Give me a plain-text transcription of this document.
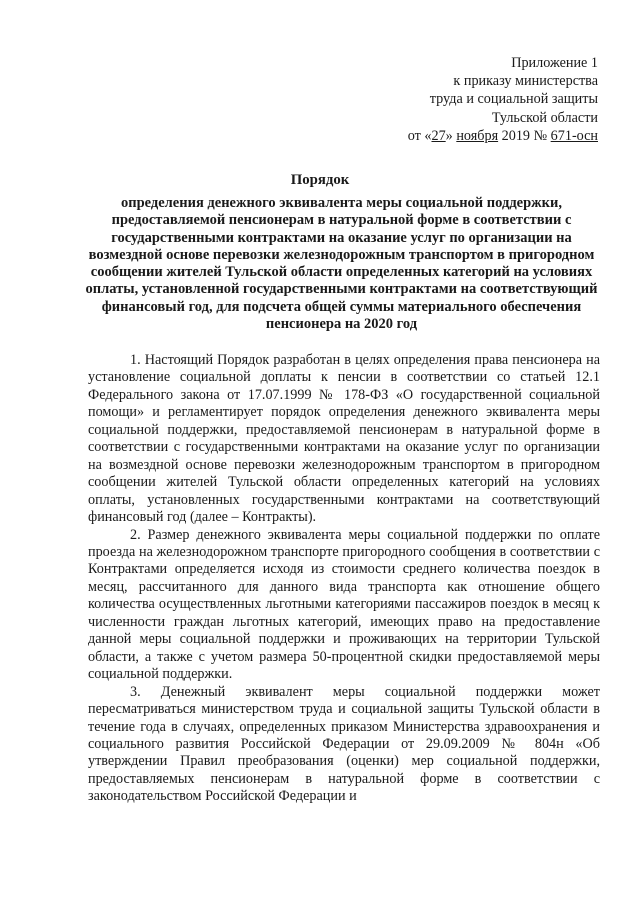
Приложение 1
к приказу министерства
труда и социальной защиты
Тульской области
от «27» ноября 2019 № 671-осн
Порядок
определения денежного эквивалента меры социальной поддержки, предоставляемой пенсионерам в натуральной форме в соответствии с государственными контрактами на оказание услуг по организации на возмездной основе перевозки железнодорожным транспортом в пригородном сообщении жителей Тульской области определенных категорий на условиях оплаты, установленной государственными контрактами на соответствующий финансовый год, для подсчета общей суммы материального обеспечения пенсионера на 2020 год

1. Настоящий Порядок разработан в целях определения права пенсионера на установление социальной доплаты к пенсии в соответствии со статьей 12.1 Федерального закона от 17.07.1999 № 178-ФЗ «О государственной социальной помощи» и регламентирует порядок определения денежного эквивалента меры социальной поддержки, предоставляемой пенсионерам в натуральной форме в соответствии с государственными контрактами на оказание услуг по организации на возмездной основе перевозки железнодорожным транспортом в пригородном сообщении жителей Тульской области определенных категорий на условиях оплаты, установленных государственными контрактами на соответствующий финансовый год (далее – Контракты).

2. Размер денежного эквивалента меры социальной поддержки по оплате проезда на железнодорожном транспорте пригородного сообщения в соответствии с Контрактами определяется исходя из стоимости среднего количества поездок в месяц, рассчитанного для данного вида транспорта как отношение общего количества осуществленных льготными категориями пассажиров поездок в месяц к численности граждан льготных категорий, имеющих право на предоставление данной меры социальной поддержки и проживающих на территории Тульской области, а также с учетом размера 50-процентной скидки предоставляемой меры социальной поддержки.

3. Денежный эквивалент меры социальной поддержки может пересматриваться министерством труда и социальной защиты Тульской области в течение года в случаях, определенных приказом Министерства здравоохранения и социального развития Российской Федерации от 29.09.2009 № 804н «Об утверждении Правил преобразования (оценки) мер социальной поддержки, предоставляемых пенсионерам в натуральной форме в соответствии с законодательством Российской Федерации и
